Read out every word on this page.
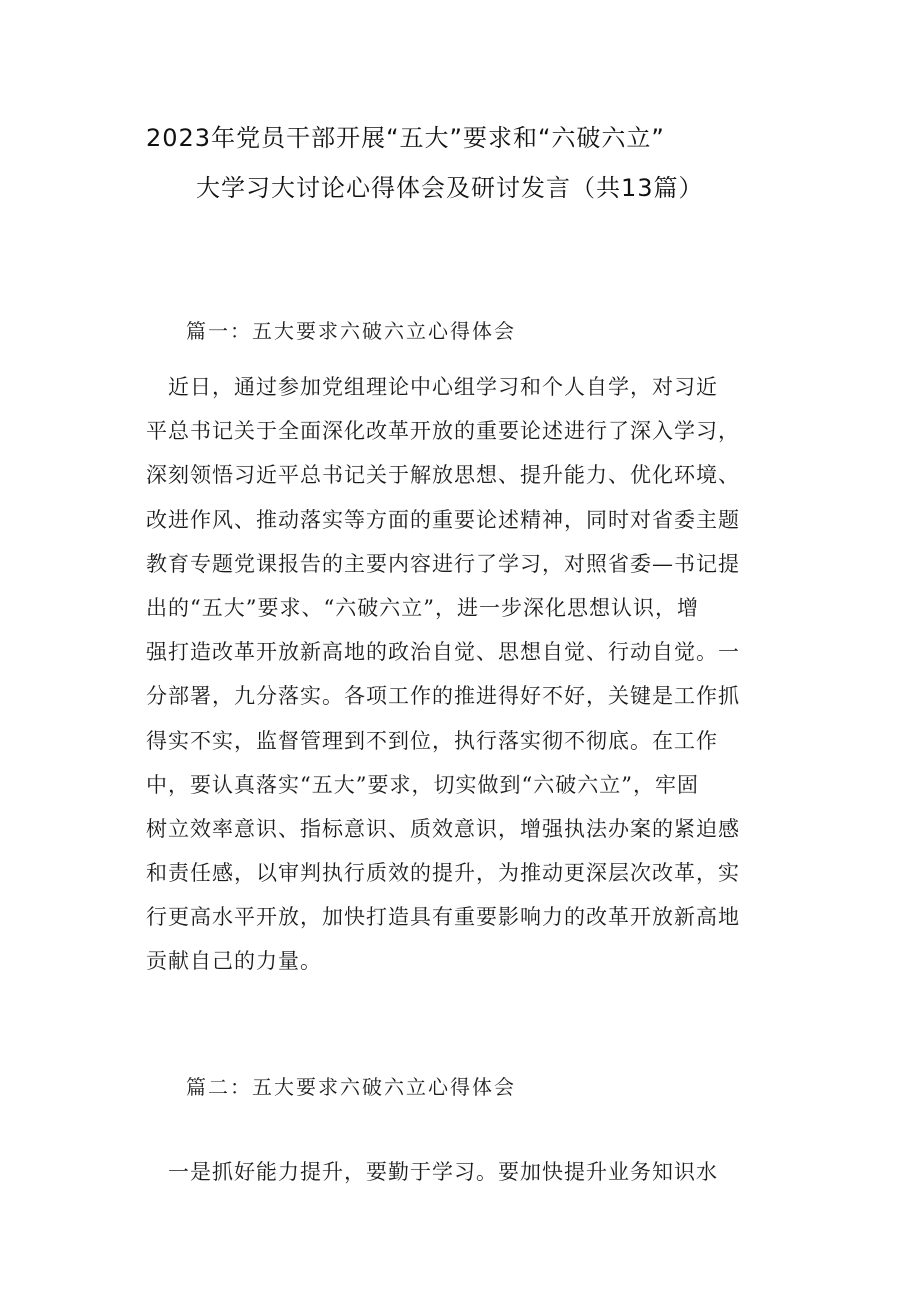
2023年党员干部开展“五大”要求和“六破六立”
大学习大讨论心得体会及研讨发言（共13篇）
篇一：五大要求六破六立心得体会
　近日，通过参加党组理论中心组学习和个人自学，对习近
平总书记关于全面深化改革开放的重要论述进行了深入学习，
深刻领悟习近平总书记关于解放思想、提升能力、优化环境、
改进作风、推动落实等方面的重要论述精神，同时对省委主题
教育专题党课报告的主要内容进行了学习，对照省委—书记提
出的“五大”要求、“六破六立”，进一步深化思想认识，增
强打造改革开放新高地的政治自觉、思想自觉、行动自觉。一
分部署，九分落实。各项工作的推进得好不好，关键是工作抓
得实不实，监督管理到不到位，执行落实彻不彻底。在工作
中，要认真落实“五大”要求，切实做到“六破六立”，牢固
树立效率意识、指标意识、质效意识，增强执法办案的紧迫感
和责任感，以审判执行质效的提升，为推动更深层次改革，实
行更高水平开放，加快打造具有重要影响力的改革开放新高地
贡献自己的力量。
篇二：五大要求六破六立心得体会
　一是抓好能力提升，要勤于学习。要加快提升业务知识水
